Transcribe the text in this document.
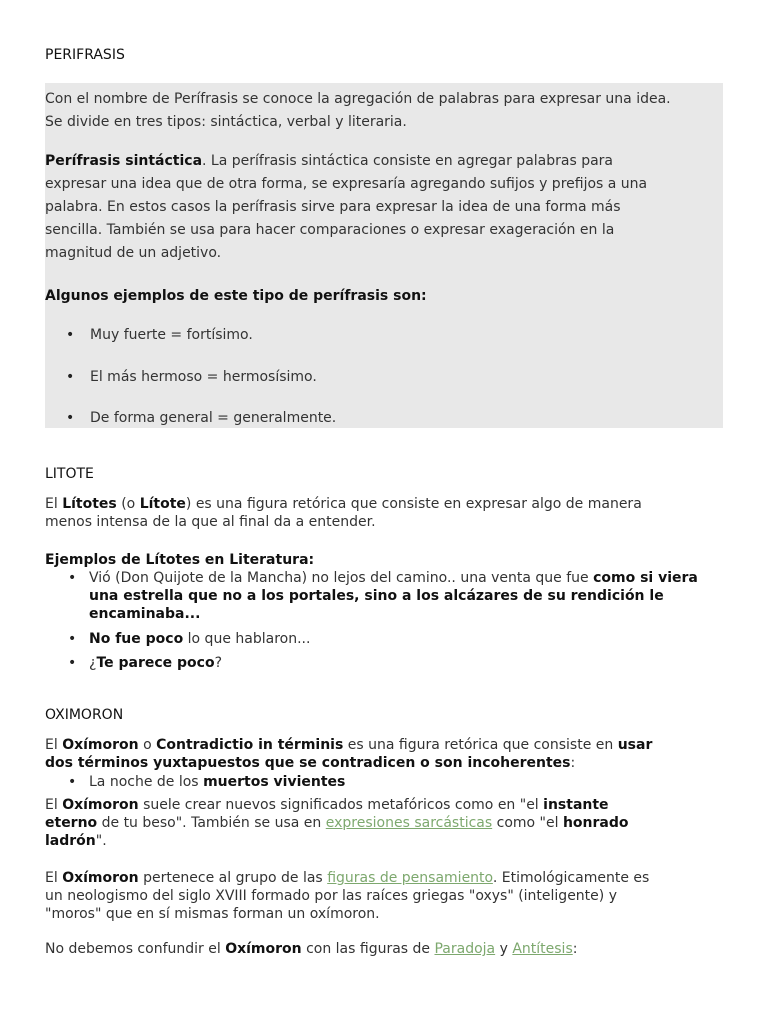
PERIFRASIS

Con el nombre de Perífrasis se conoce la agregación de palabras para expresar una idea.
Se divide en tres tipos: sintáctica, verbal y literaria.

Perífrasis sintáctica. La perífrasis sintáctica consiste en agregar palabras para
expresar una idea que de otra forma, se expresaría agregando sufijos y prefijos a una
palabra. En estos casos la perífrasis sirve para expresar la idea de una forma más
sencilla. También se usa para hacer comparaciones o expresar exageración en la
magnitud de un adjetivo.

Algunos ejemplos de este tipo de perífrasis son:

• Muy fuerte = fortísimo.

• El más hermoso = hermosísimo.

• De forma general = generalmente.

LITOTE

El Lítotes (o Lítote) es una figura retórica que consiste en expresar algo de manera
menos intensa de la que al final da a entender.

Ejemplos de Lítotes en Literatura:

• Vió (Don Quijote de la Mancha) no lejos del camino.. una venta que fue como si viera
una estrella que no a los portales, sino a los alcázares de su rendición le
encaminaba...
• No fue poco lo que hablaron...
• ¿Te parece poco?
OXIMORON

El Oxímoron o Contradictio in términis es una figura retórica que consiste en usar
dos términos yuxtapuestos que se contradicen o son incoherentes:

• La noche de los muertos vivientes

El Oxímoron suele crear nuevos significados metafóricos como en "el instante
eterno de tu beso". También se usa en expresiones sarcásticas como "el honrado
ladrón".

El Oxímoron pertenece al grupo de las figuras de pensamiento. Etimológicamente es
un neologismo del siglo XVIII formado por las raíces griegas "oxys" (inteligente) y
"moros" que en sí mismas forman un oxímoron.

No debemos confundir el Oxímoron con las figuras de Paradoja y Antítesis:
